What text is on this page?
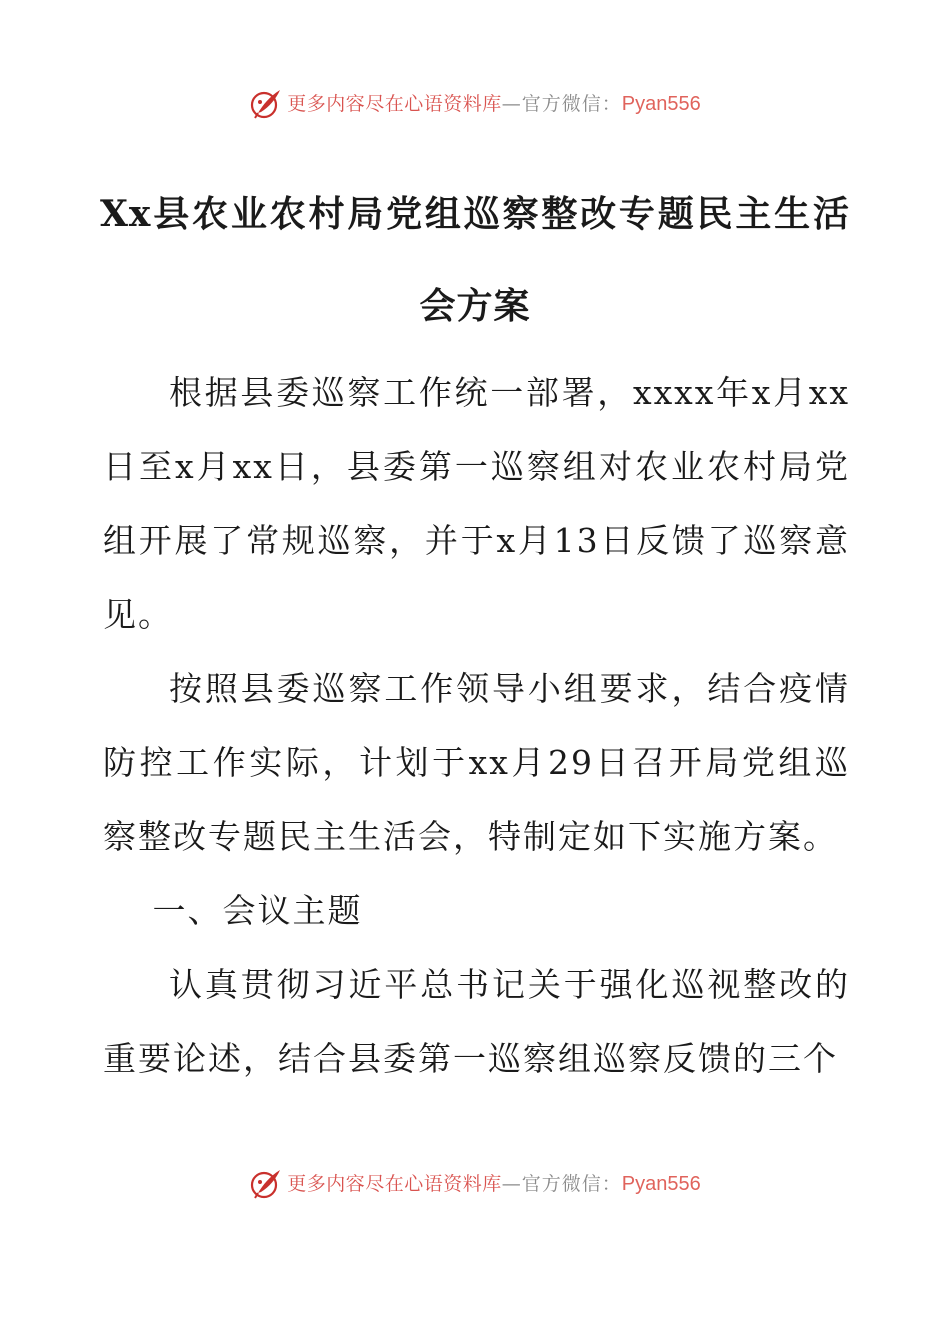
更多内容尽在心语资料库 —官方微信： Pyan556
Xx县农业农村局党组巡察整改专题民主生活会方案

根据县委巡察工作统一部署，xxxx年x月xx日至x月xx日，县委第一巡察组对农业农村局党组开展了常规巡察，并于x月13日反馈了巡察意见。

按照县委巡察工作领导小组要求，结合疫情防控工作实际，计划于xx月29日召开局党组巡察整改专题民主生活会，特制定如下实施方案。

一、会议主题

认真贯彻习近平总书记关于强化巡视整改的重要论述，结合县委第一巡察组巡察反馈的三个

更多内容尽在心语资料库 —官方微信： Pyan556
